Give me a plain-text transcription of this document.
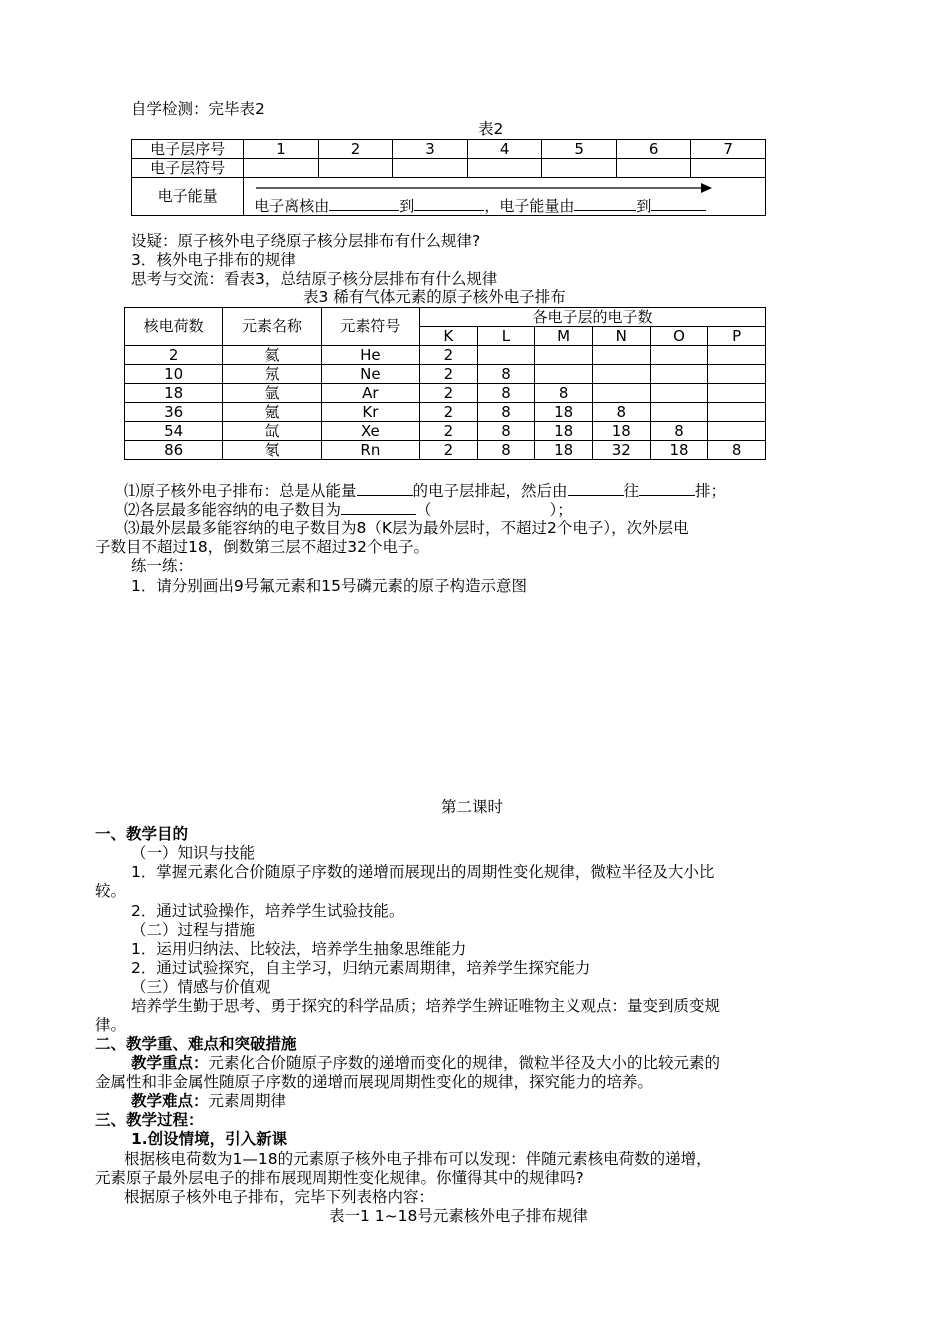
自学检测：完毕表2
表2
电子层序号	1	2	3	4	5	6	7
电子层符号							
电子能量	电子离核由 到 ，电子能量由 到						
设疑：原子核外电子绕原子核分层排布有什么规律?
3．核外电子排布的规律
思考与交流：看表3，总结原子核分层排布有什么规律
表3 稀有气体元素的原子核外电子排布
核电荷数	元素名称	元素符号	各电子层的电子数					
			K	L	M	N	O	P
2	氦	He	2					
10	氖	Ne	2	8				
18	氩	Ar	2	8	8			
36	氪	Kr	2	8	18	8		
54	氙	Xe	2	8	18	18	8	
86	氡	Rn	2	8	18	32	18	8
⑴原子核外电子排布：总是从能量	的电子层排起，然后由	往	排；
⑵各层最多能容纳的电子数目为	（	）；
⑶最外层最多能容纳的电子数目为8（K层为最外层时，不超过2个电子），次外层电
子数目不超过18，倒数第三层不超过32个电子。
练一练：
1．请分别画出9号氟元素和15号磷元素的原子构造示意图
第二课时
一、教学目的
（一）知识与技能
1．掌握元素化合价随原子序数的递增而展现出的周期性变化规律，微粒半径及大小比
较。
2．通过试验操作，培养学生试验技能。
（二）过程与措施
1．运用归纳法、比较法，培养学生抽象思维能力
2．通过试验探究，自主学习，归纳元素周期律，培养学生探究能力
（三）情感与价值观
培养学生勤于思考、勇于探究的科学品质；培养学生辨证唯物主义观点：量变到质变规
律。
二、教学重、难点和突破措施
教学重点：元素化合价随原子序数的递增而变化的规律，微粒半径及大小的比较元素的
金属性和非金属性随原子序数的递增而展现周期性变化的规律，探究能力的培养。
教学难点：元素周期律
三、教学过程：
1.创设情境，引入新课
根据核电荷数为1—18的元素原子核外电子排布可以发现：伴随元素核电荷数的递增，
元素原子最外层电子的排布展现周期性变化规律。你懂得其中的规律吗?
根据原子核外电子排布，完毕下列表格内容：
表一1 1~18号元素核外电子排布规律
